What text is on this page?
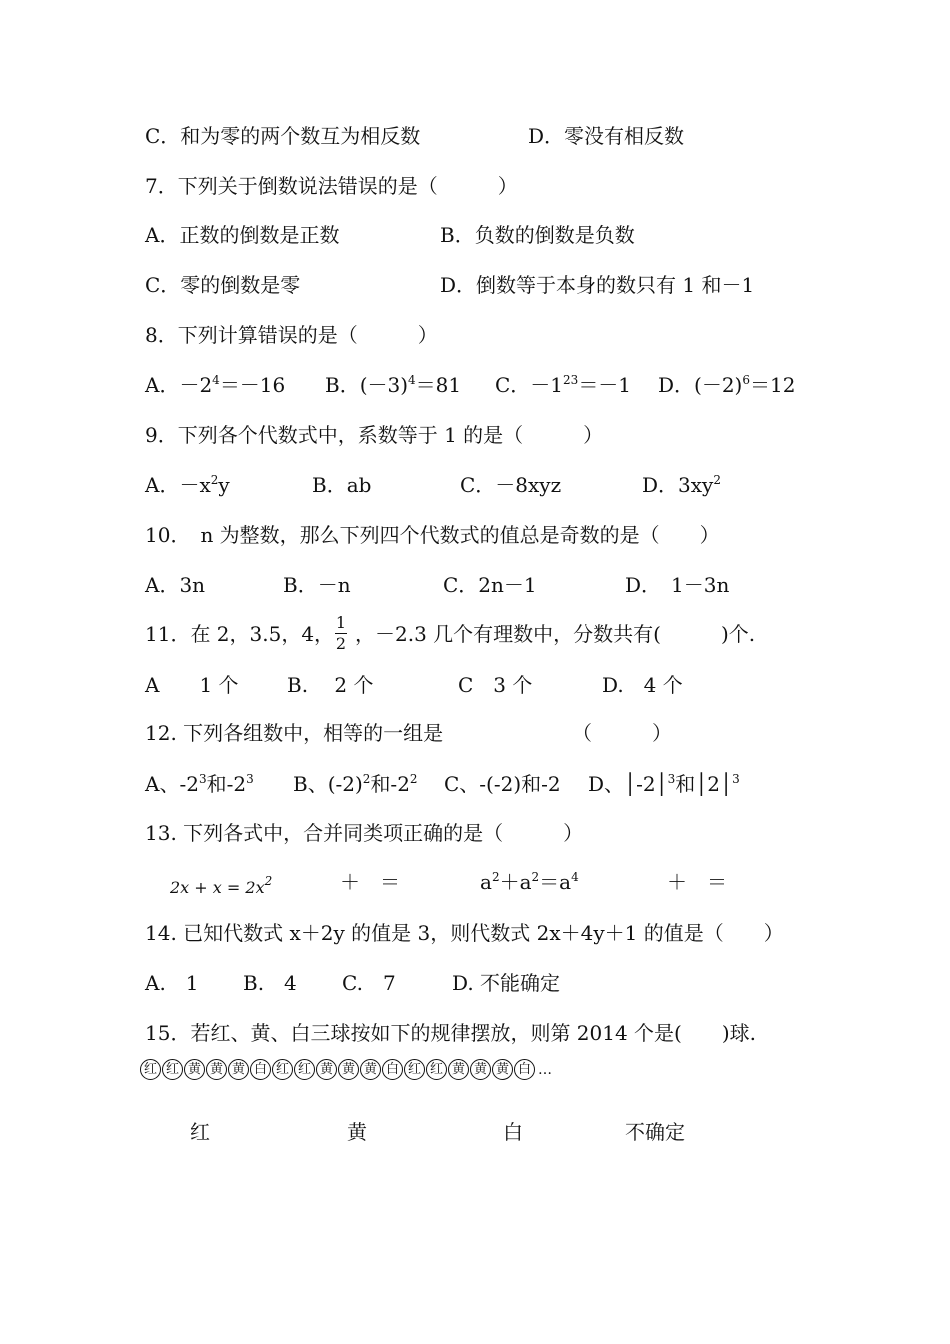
C．和为零的两个数互为相反数	D．零没有相反数
7．下列关于倒数说法错误的是（　　　）
A．正数的倒数是正数	B．负数的倒数是负数
C．零的倒数是零	D．倒数等于本身的数只有 1 和－1
8．下列计算错误的是（　　　）
A．$-2^4=-16$ B．$(-3)^4=81$ C．$-1^{23}=-1$ D．$(-2)^6=12$
9．下列各个代数式中，系数等于 1 的是（　　　）
A．$-x^2y$	B．ab	C．－8xyz	D．$3xy^2$
10．　n 为整数，那么下列四个代数式的值总是奇数的是（　　）
A．3n	B．－n	C．2n－1	D．　1－3n
11．在 2，3.5，4， 1
2 ，－2.3 几个有理数中，分数共有(　　　)个.
A　　1 个 B.　 2 个	C　3 个	D.　4 个
12. 下列各组数中，相等的一组是	（　　　）
A、$-2^3$和$-2^3$ B、$(-2)^2$和$-2^2$ C、-(-2)和-2 D、│-2│$^3$和│2│$^3$
13. 下列各式中，合并同类项正确的是（　　　）
$2x + x = 2x^2$	＋　＝	$a^2+a^2=a^4$	＋　＝
14. 已知代数式 x＋2y 的值是 3，则代数式 2x＋4y＋1 的值是（　　）
A.　1 B.　4 C.　7	D. 不能确定
15．若红、黄、白三球按如下的规律摆放，则第 2014 个是(　　)球.
红 红 黄 黄 黄 白 红 红 黄 黄 黄 白 红 红 黄 黄 黄 白 …
红	黄	白	不确定
